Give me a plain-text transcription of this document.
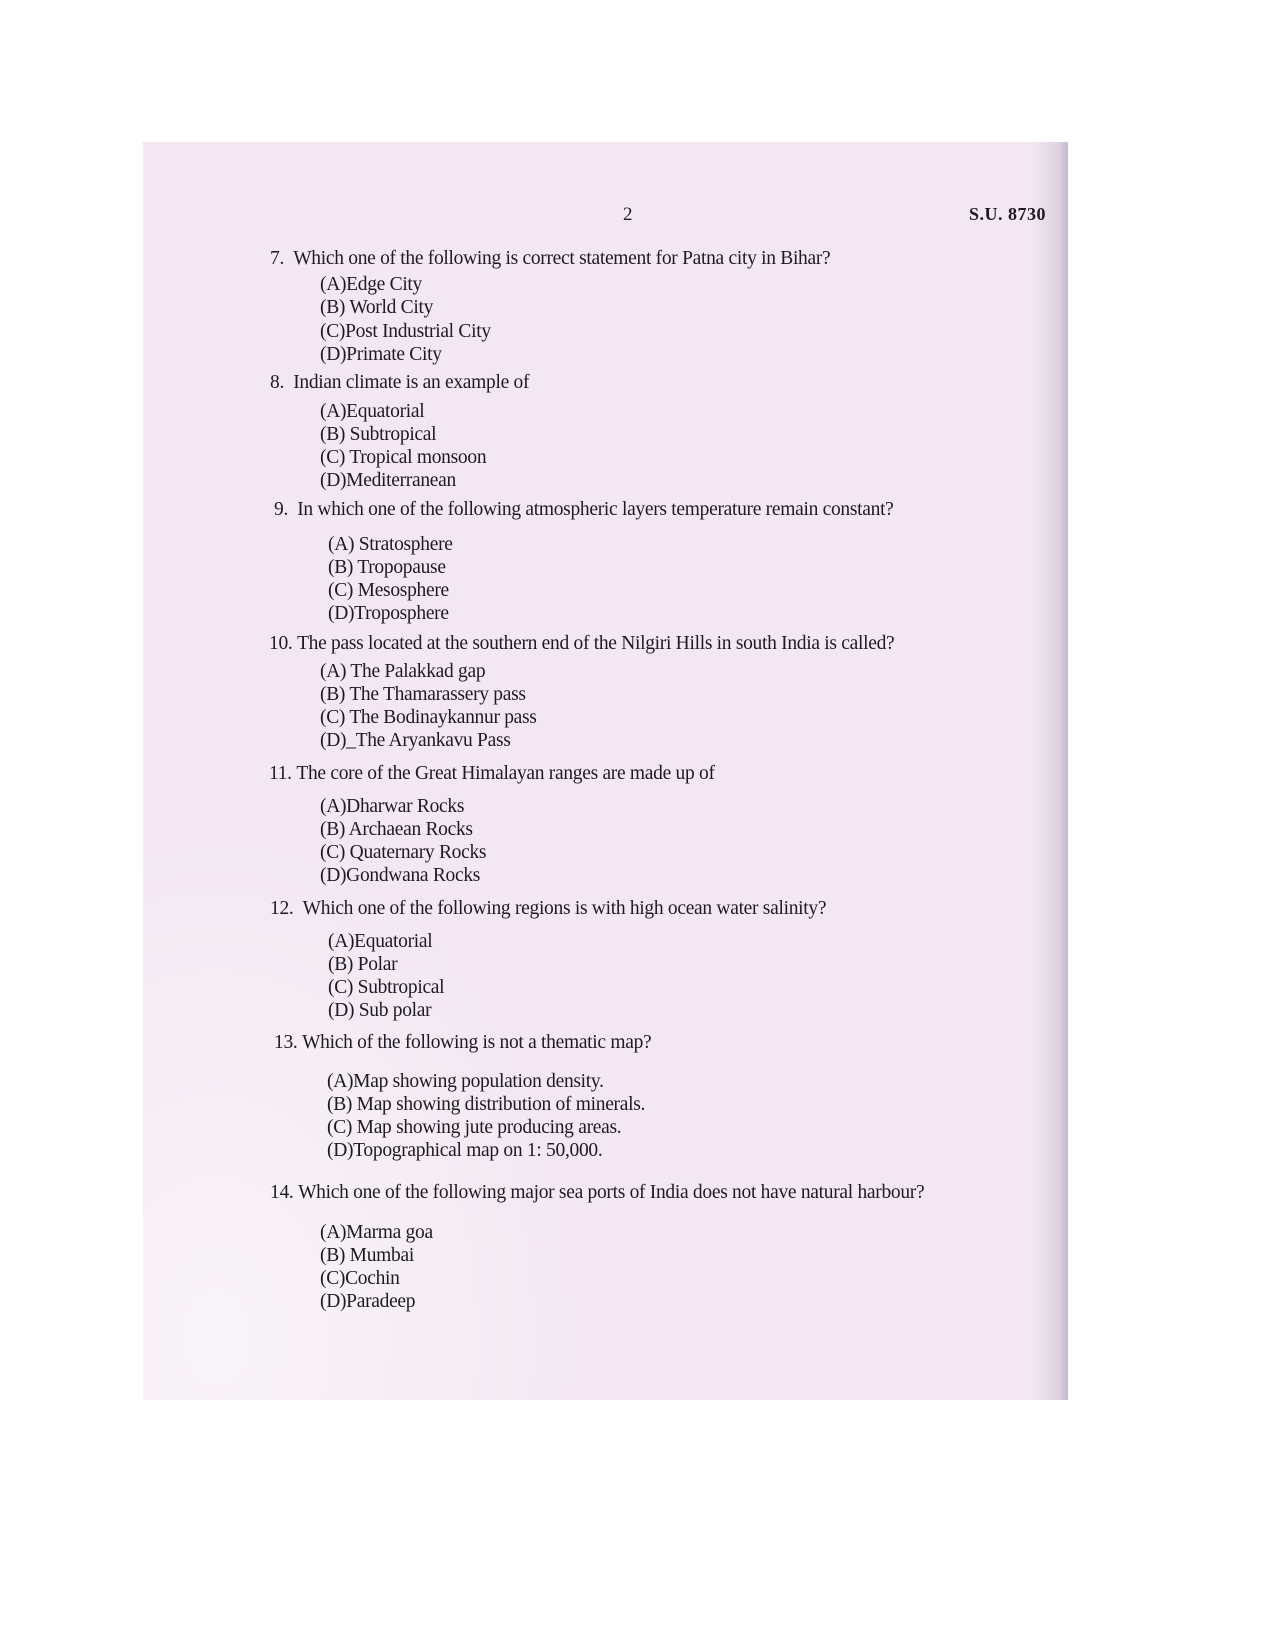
2	S.U. 8730
7. Which one of the following is correct statement for Patna city in Bihar?
(A)Edge City
(B) World City
(C)Post Industrial City
(D)Primate City
8. Indian climate is an example of
(A)Equatorial
(B) Subtropical
(C) Tropical monsoon
(D)Mediterranean
9. In which one of the following atmospheric layers temperature remain constant?
(A) Stratosphere
(B) Tropopause
(C) Mesosphere
(D)Troposphere
10. The pass located at the southern end of the Nilgiri Hills in south India is called?
(A) The Palakkad gap
(B) The Thamarassery pass
(C) The Bodinaykannur pass
(D)_The Aryankavu Pass
11. The core of the Great Himalayan ranges are made up of
(A)Dharwar Rocks
(B) Archaean Rocks
(C) Quaternary Rocks
(D)Gondwana Rocks
12. Which one of the following regions is with high ocean water salinity?
(A)Equatorial
(B) Polar
(C) Subtropical
(D) Sub polar
13. Which of the following is not a thematic map?
(A)Map showing population density.
(B) Map showing distribution of minerals.
(C) Map showing jute producing areas.
(D)Topographical map on 1: 50,000.
14. Which one of the following major sea ports of India does not have natural harbour?
(A)Marma goa
(B) Mumbai
(C)Cochin
(D)Paradeep
